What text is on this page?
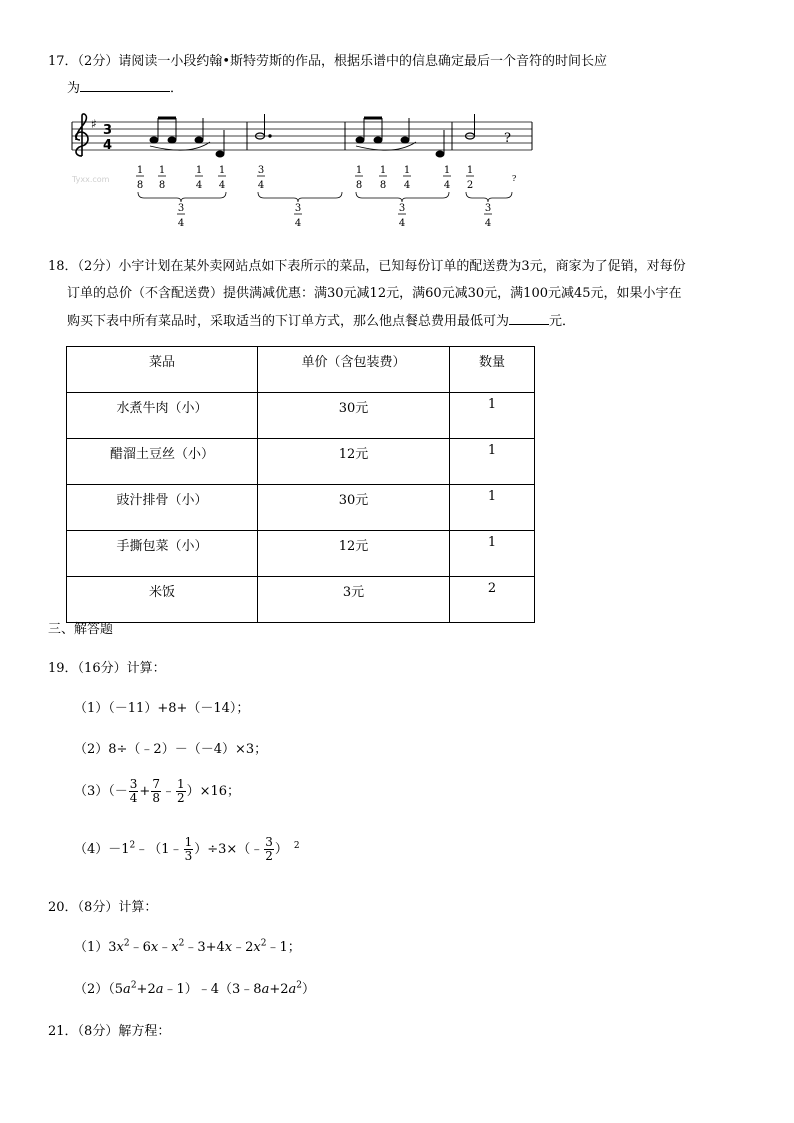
17．（2分）请阅读一小段约翰•斯特劳斯的作品，根据乐谱中的信息确定最后一个音符的时间长应
为	．
♯ 3
4	?
Tyxx.com
1
8
1
8
1
4
1
4
3
4
3
4
3
4
1
8
1
8
1
4
1
4
3
4
1
2
?
3
4
18．（2分）小宇计划在某外卖网站点如下表所示的菜品，已知每份订单的配送费为3元，商家为了促销，对每份
订单的总价（不含配送费）提供满减优惠：满30元减12元，满60元减30元，满100元减45元，如果小宇在
购买下表中所有菜品时，采取适当的下订单方式，那么他点餐总费用最低可为	元．
菜品	单价（含包装费）	数量
水煮牛肉（小）	30元	1
醋溜土豆丝（小）	12元	1
豉汁排骨（小）	30元	1
手撕包菜（小）	12元	1
米饭	3元	2
三、解答题
19．（16分）计算：
（1）（－11）+8+（－14）；
（2）8÷（﹣2）－（－4）×3；
$(3)(- \frac{3}{4} + \frac{7}{8}$ ﹣ $\frac{1}{2} )\times 16$；
$(4)-1^2﹣(1﹣ \frac{1}{3}$ ）÷3×（﹣ $\frac{3}{2}$ ） $^2$
20．（8分）计算：
$(1)3x^2﹣6x﹣x^2﹣3+4x﹣2x^2﹣1$；
$(2)(5a^2+2a﹣1)﹣4(3﹣8a+2a^2)$
21．（8分）解方程：
